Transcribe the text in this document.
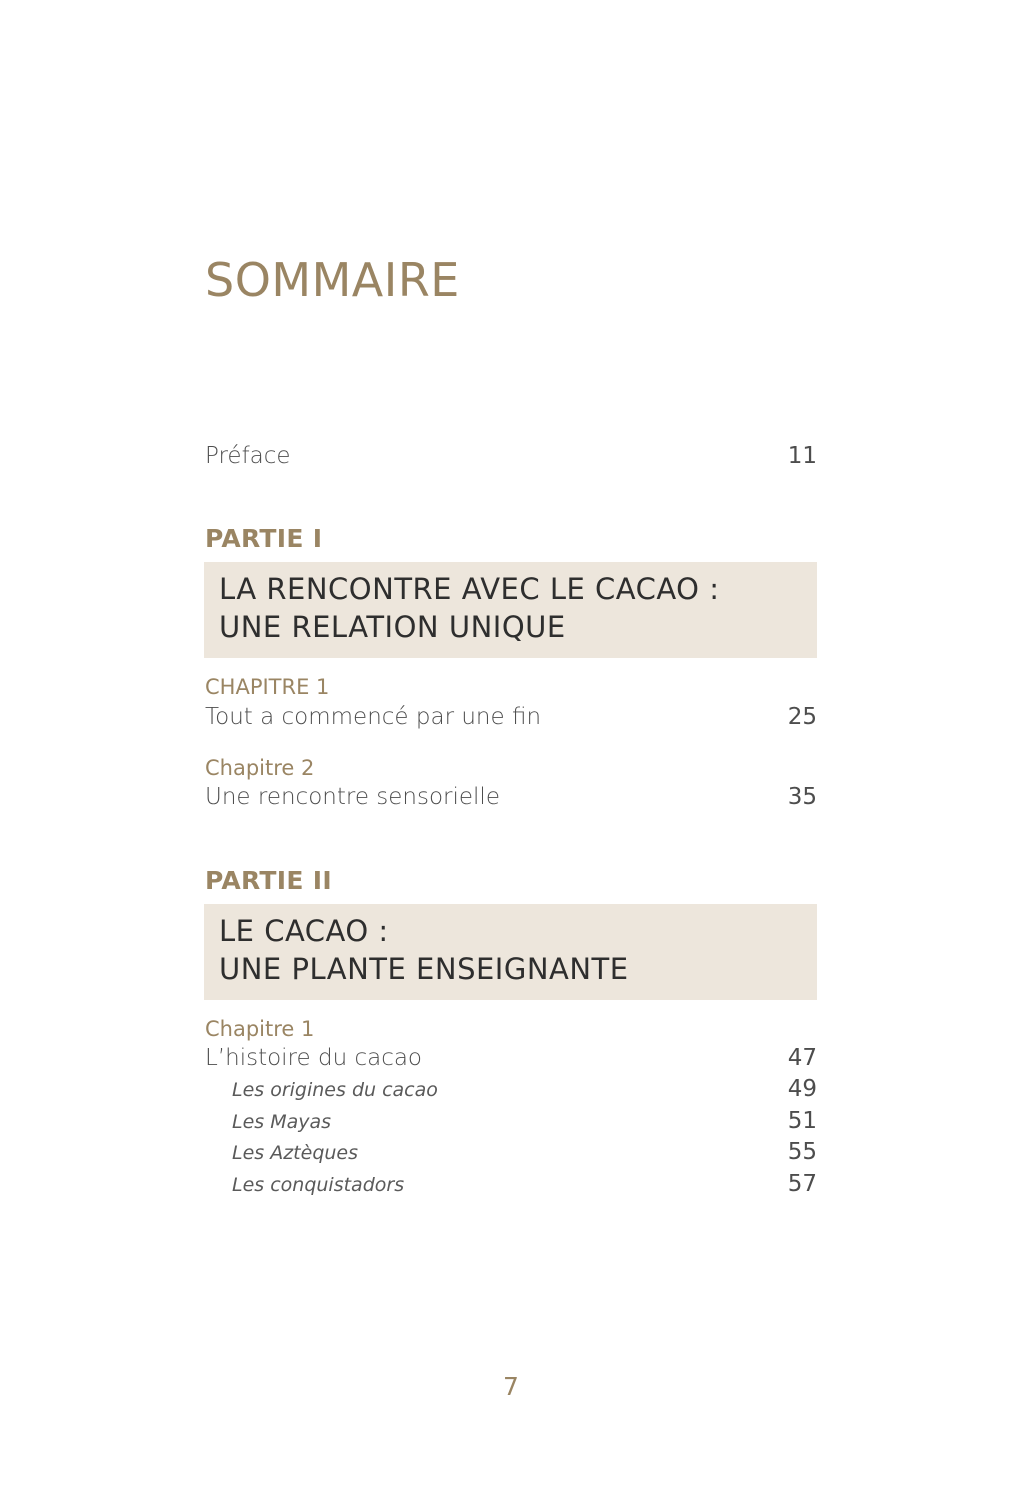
SOMMAIRE
Préface	11
PARTIE I
LA RENCONTRE AVEC LE CACAO :
UNE RELATION UNIQUE
CHAPITRE 1
Tout a commencé par une fin	25
Chapitre 2
Une rencontre sensorielle	35
PARTIE II
LE CACAO :
UNE PLANTE ENSEIGNANTE
Chapitre 1
L’histoire du cacao	47
Les origines du cacao	49
Les Mayas	51
Les Aztèques	55
Les conquistadors	57
7
